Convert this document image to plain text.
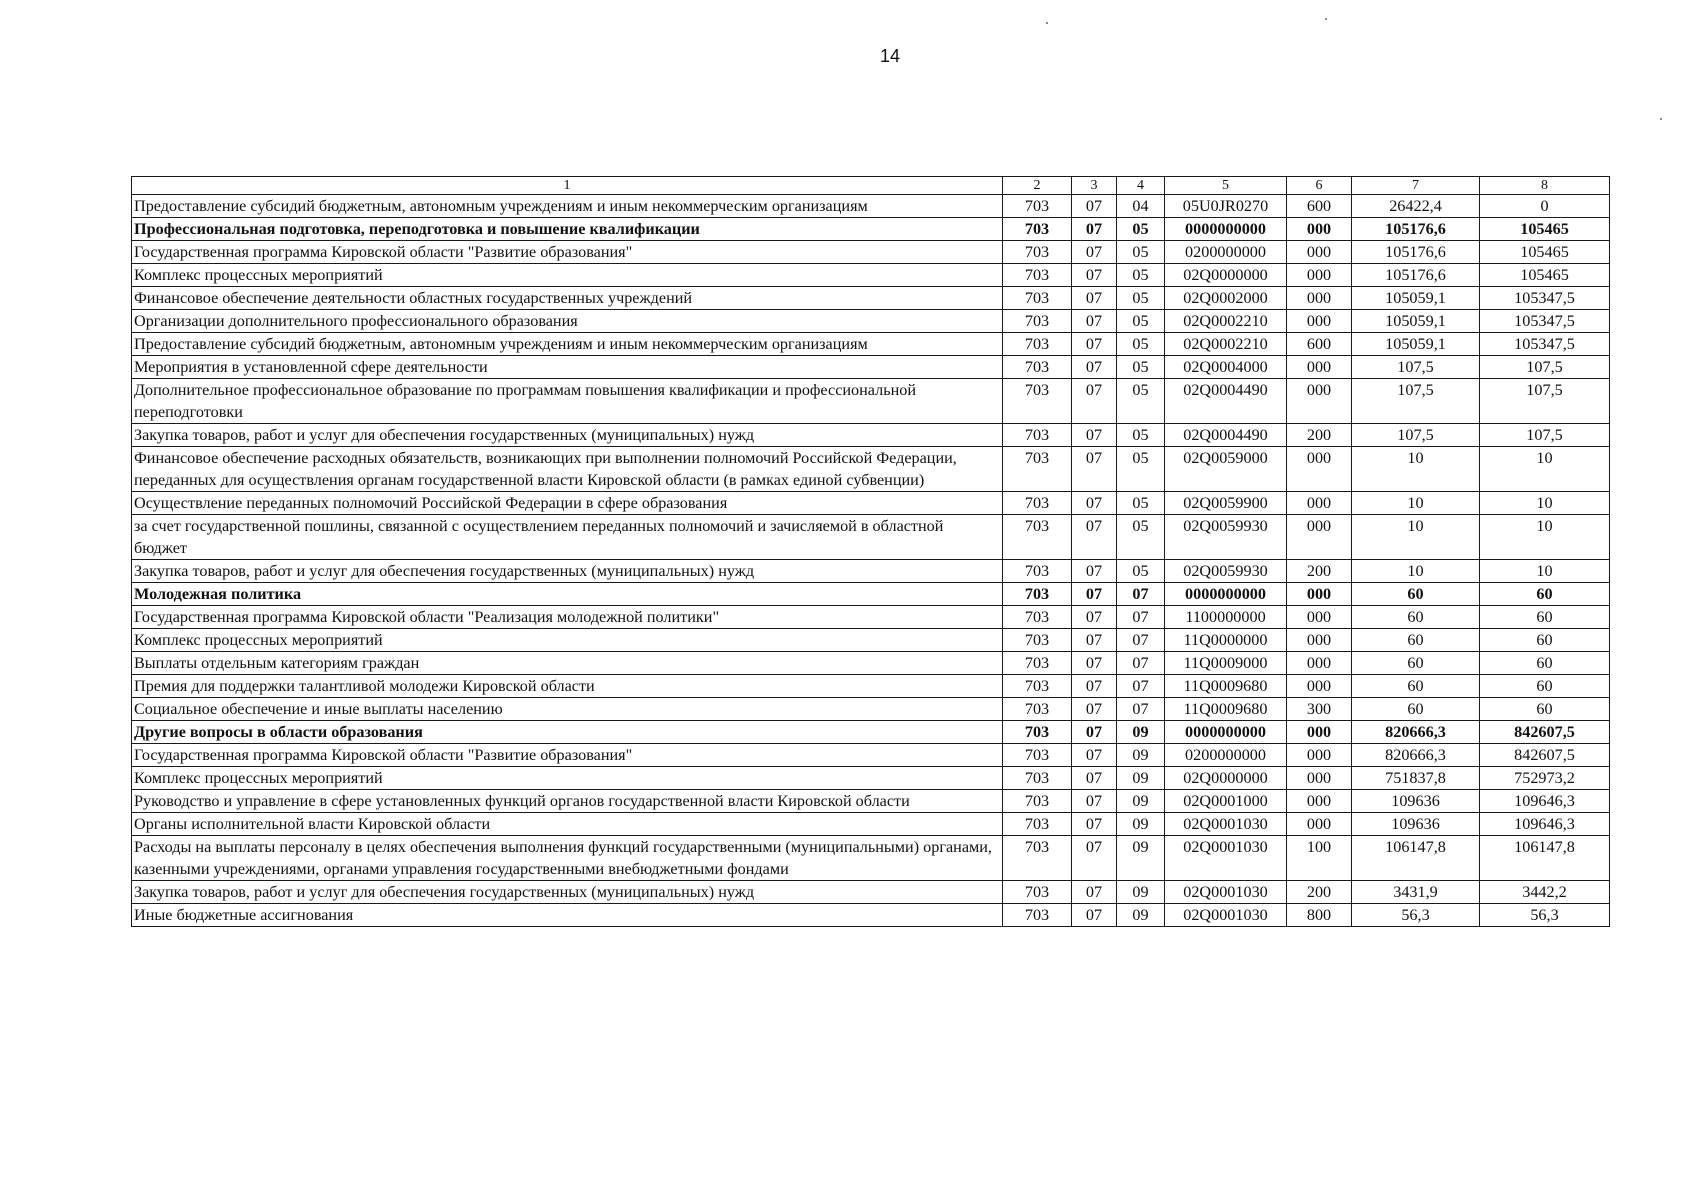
14
1	2	3	4	5	6	7	8
Предоставление субсидий бюджетным, автономным учреждениям и иным некоммерческим организациям	703	07	04	05U0JR0270	600	26422,4	0
Профессиональная подготовка, переподготовка и повышение квалификации	703	07	05	0000000000	000	105176,6	105465
Государственная программа Кировской области "Развитие образования"	703	07	05	0200000000	000	105176,6	105465
Комплекс процессных мероприятий	703	07	05	02Q0000000	000	105176,6	105465
Финансовое обеспечение деятельности областных государственных учреждений	703	07	05	02Q0002000	000	105059,1	105347,5
Организации дополнительного профессионального образования	703	07	05	02Q0002210	000	105059,1	105347,5
Предоставление субсидий бюджетным, автономным учреждениям и иным некоммерческим организациям	703	07	05	02Q0002210	600	105059,1	105347,5
Мероприятия в установленной сфере деятельности	703	07	05	02Q0004000	000	107,5	107,5
Дополнительное профессиональное образование по программам повышения квалификации и профессиональной переподготовки	703	07	05	02Q0004490	000	107,5	107,5
Закупка товаров, работ и услуг для обеспечения государственных (муниципальных) нужд	703	07	05	02Q0004490	200	107,5	107,5
Финансовое обеспечение расходных обязательств, возникающих при выполнении полномочий Российской Федерации, переданных для осуществления органам государственной власти Кировской области (в рамках единой субвенции)	703	07	05	02Q0059000	000	10	10
Осуществление переданных полномочий Российской Федерации в сфере образования	703	07	05	02Q0059900	000	10	10
за счет государственной пошлины, связанной с осуществлением переданных полномочий и зачисляемой в областной бюджет	703	07	05	02Q0059930	000	10	10
Закупка товаров, работ и услуг для обеспечения государственных (муниципальных) нужд	703	07	05	02Q0059930	200	10	10
Молодежная политика	703	07	07	0000000000	000	60	60
Государственная программа Кировской области "Реализация молодежной политики"	703	07	07	1100000000	000	60	60
Комплекс процессных мероприятий	703	07	07	11Q0000000	000	60	60
Выплаты отдельным категориям граждан	703	07	07	11Q0009000	000	60	60
Премия для поддержки талантливой молодежи Кировской области	703	07	07	11Q0009680	000	60	60
Социальное обеспечение и иные выплаты населению	703	07	07	11Q0009680	300	60	60
Другие вопросы в области образования	703	07	09	0000000000	000	820666,3	842607,5
Государственная программа Кировской области "Развитие образования"	703	07	09	0200000000	000	820666,3	842607,5
Комплекс процессных мероприятий	703	07	09	02Q0000000	000	751837,8	752973,2
Руководство и управление в сфере установленных функций органов государственной власти Кировской области	703	07	09	02Q0001000	000	109636	109646,3
Органы исполнительной власти Кировской области	703	07	09	02Q0001030	000	109636	109646,3
Расходы на выплаты персоналу в целях обеспечения выполнения функций государственными (муниципальными) органами, казенными учреждениями, органами управления государственными внебюджетными фондами	703	07	09	02Q0001030	100	106147,8	106147,8
Закупка товаров, работ и услуг для обеспечения государственных (муниципальных) нужд	703	07	09	02Q0001030	200	3431,9	3442,2
Иные бюджетные ассигнования	703	07	09	02Q0001030	800	56,3	56,3
